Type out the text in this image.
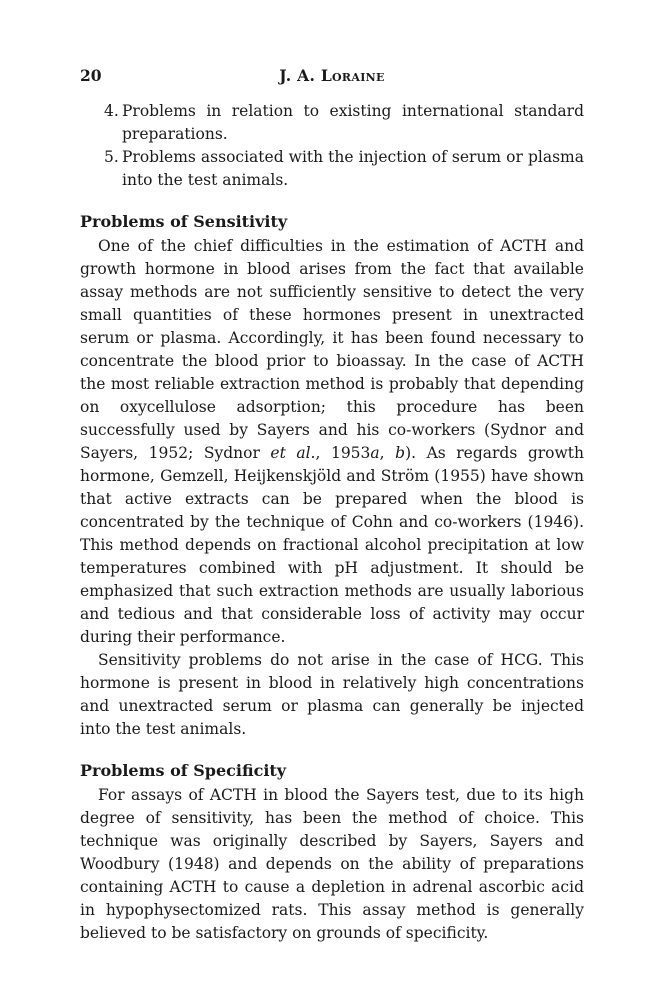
20	J. A. Loraine
4. Problems in relation to existing international standard preparations.
5. Problems associated with the injection of serum or plasma into the test animals.
Problems of Sensitivity

One of the chief difficulties in the estimation of ACTH and growth hormone in blood arises from the fact that available assay methods are not sufficiently sensitive to detect the very small quantities of these hormones present in unextracted serum or plasma. Accordingly, it has been found necessary to concentrate the blood prior to bioassay. In the case of ACTH the most reliable extraction method is probably that depending on oxycellulose adsorption; this procedure has been successfully used by Sayers and his co-workers (Sydnor and Sayers, 1952; Sydnor et al., 1953a, b). As regards growth hormone, Gemzell, Heijkenskjöld and Ström (1955) have shown that active extracts can be prepared when the blood is concentrated by the technique of Cohn and co-workers (1946). This method depends on fractional alcohol precipitation at low temperatures combined with pH adjustment. It should be emphasized that such extraction methods are usually laborious and tedious and that considerable loss of activity may occur during their performance.

Sensitivity problems do not arise in the case of HCG. This hormone is present in blood in relatively high concentrations and unextracted serum or plasma can generally be injected into the test animals.

Problems of Specificity

For assays of ACTH in blood the Sayers test, due to its high degree of sensitivity, has been the method of choice. This technique was originally described by Sayers, Sayers and Woodbury (1948) and depends on the ability of preparations containing ACTH to cause a depletion in adrenal ascorbic acid in hypophysectomized rats. This assay method is generally believed to be satisfactory on grounds of specificity.
